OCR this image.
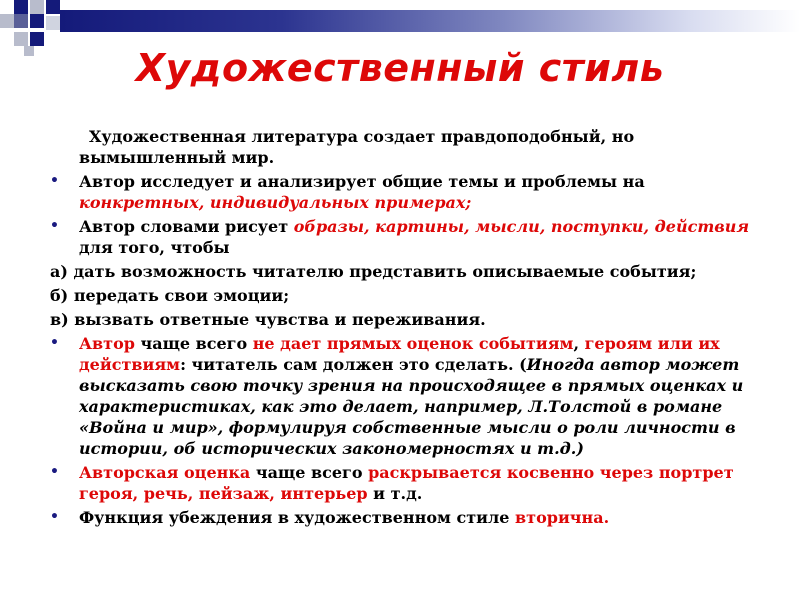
Художественный стиль
Художественная литература создает правдоподобный, но вымышленный мир.
• Автор исследует и анализирует общие темы и проблемы на конкретных, индивидуальных примерах;
• Автор словами рисует образы, картины, мысли, поступки, действия для того, чтобы
а) дать возможность читателю представить описываемые события;
б) передать свои эмоции;
в) вызвать ответные чувства и переживания.
• Автор чаще всего не дает прямых оценок событиям, героям или их действиям: читатель сам должен это сделать. (Иногда автор может высказать свою точку зрения на происходящее в прямых оценках и характеристиках, как это делает, например, Л.Толстой в романе «Война и мир», формулируя собственные мысли о роли личности в истории, об исторических закономерностях и т.д.)
• Авторская оценка чаще всего раскрывается косвенно через портрет героя, речь, пейзаж, интерьер и т.д.
• Функция убеждения в художественном стиле вторична.
